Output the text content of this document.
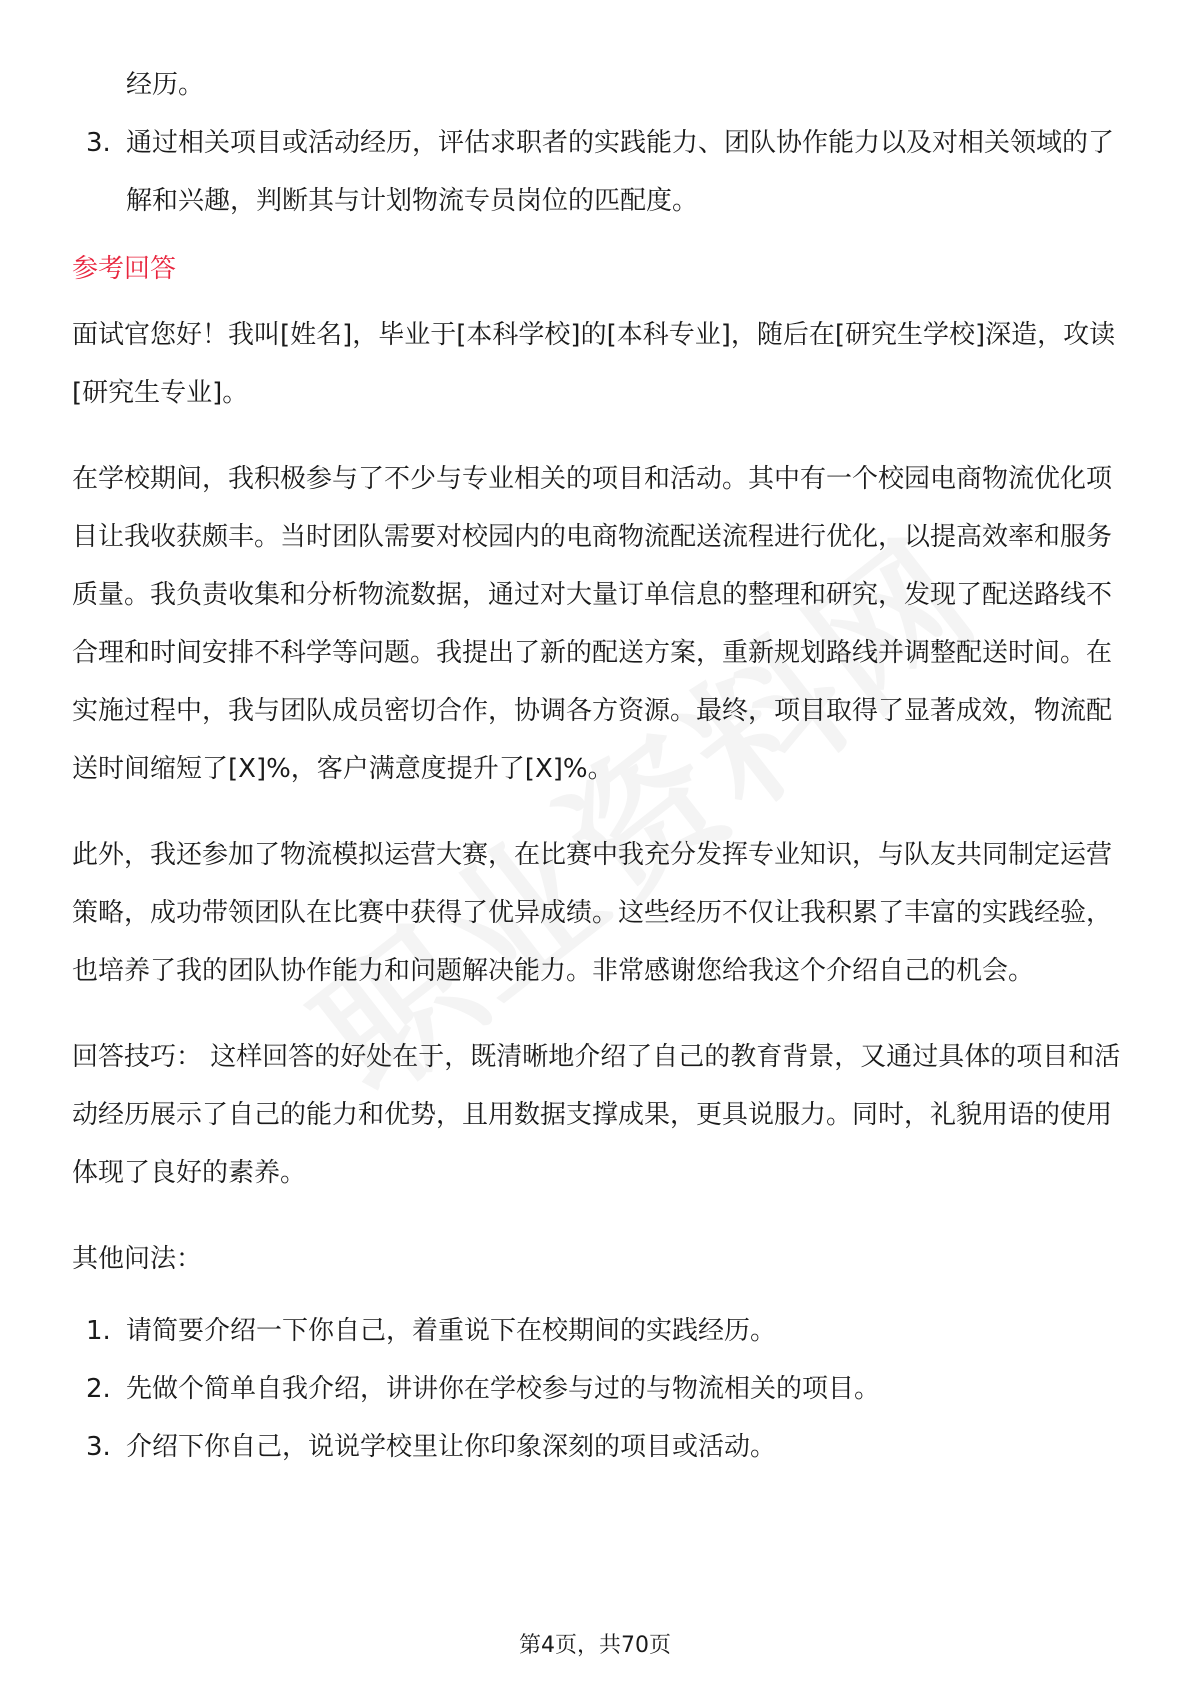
经历。
3. 通过相关项目或活动经历，评估求职者的实践能力、团队协作能力以及对相关领域的了解和兴趣，判断其与计划物流专员岗位的匹配度。
参考回答

面试官您好！我叫[姓名]，毕业于[本科学校]的[本科专业]，随后在[研究生学校]深造，攻读[研究生专业]。

在学校期间，我积极参与了不少与专业相关的项目和活动。其中有一个校园电商物流优化项目让我收获颇丰。当时团队需要对校园内的电商物流配送流程进行优化，以提高效率和服务质量。我负责收集和分析物流数据，通过对大量订单信息的整理和研究，发现了配送路线不合理和时间安排不科学等问题。我提出了新的配送方案，重新规划路线并调整配送时间。在实施过程中，我与团队成员密切合作，协调各方资源。最终，项目取得了显著成效，物流配送时间缩短了[X]%，客户满意度提升了[X]%。

此外，我还参加了物流模拟运营大赛，在比赛中我充分发挥专业知识，与队友共同制定运营策略，成功带领团队在比赛中获得了优异成绩。这些经历不仅让我积累了丰富的实践经验，也培养了我的团队协作能力和问题解决能力。非常感谢您给我这个介绍自己的机会。

回答技巧： 这样回答的好处在于，既清晰地介绍了自己的教育背景，又通过具体的项目和活动经历展示了自己的能力和优势，且用数据支撑成果，更具说服力。同时，礼貌用语的使用体现了良好的素养。

其他问法：

1. 请简要介绍一下你自己，着重说下在校期间的实践经历。
2. 先做个简单自我介绍，讲讲你在学校参与过的与物流相关的项目。
3. 介绍下你自己，说说学校里让你印象深刻的项目或活动。
第4页，共70页
